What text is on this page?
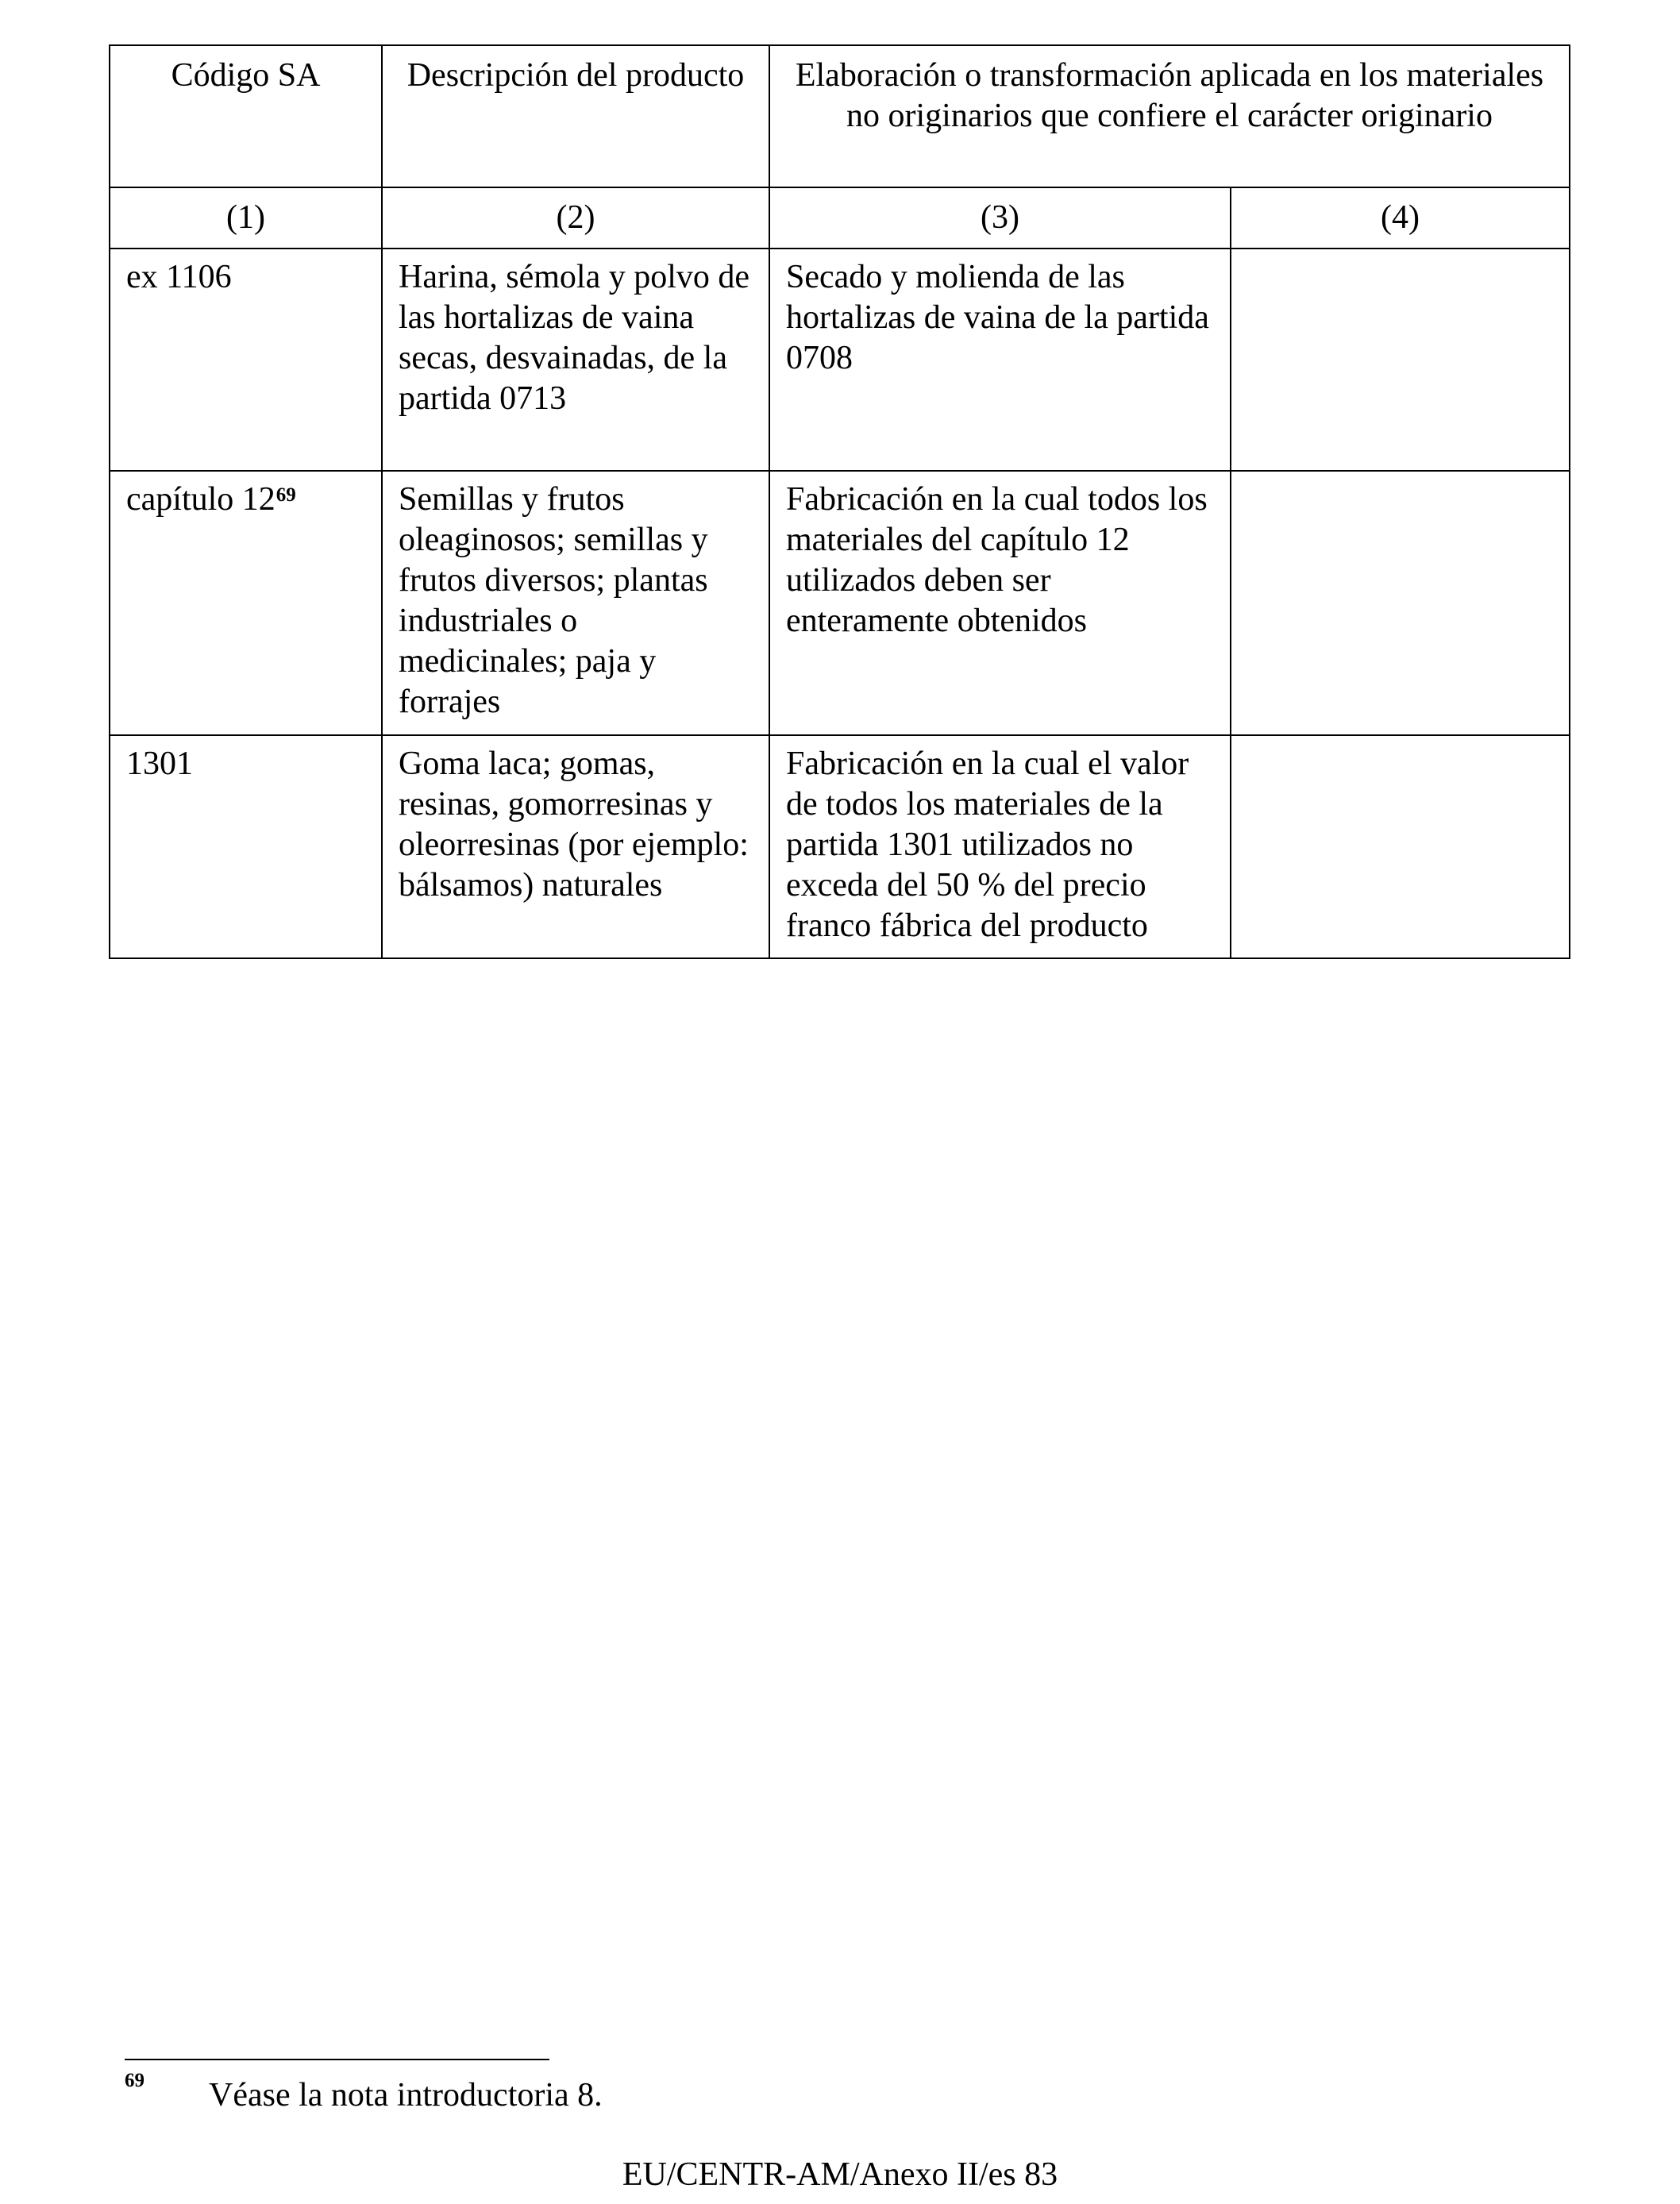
Código SA	Descripción del producto	Elaboración o transformación aplicada en los materiales no originarios que confiere el carácter originario	
(1)	(2)	(3)	(4)
ex 1106	Harina, sémola y polvo de las hortalizas de vaina secas, desvainadas, de la partida 0713	Secado y molienda de las hortalizas de vaina de la partida 0708	
capítulo 12$^{69}$	Semillas y frutos oleaginosos; semillas y frutos diversos; plantas industriales o medicinales; paja y forrajes	Fabricación en la cual todos los materiales del capítulo 12 utilizados deben ser enteramente obtenidos	
1301	Goma laca; gomas, resinas, gomorresinas y oleorresinas (por ejemplo: bálsamos) naturales	Fabricación en la cual el valor de todos los materiales de la partida 1301 utilizados no exceda del 50 % del precio franco fábrica del producto	
69 Véase la nota introductoria 8.
EU/CENTR-AM/Anexo II/es 83
